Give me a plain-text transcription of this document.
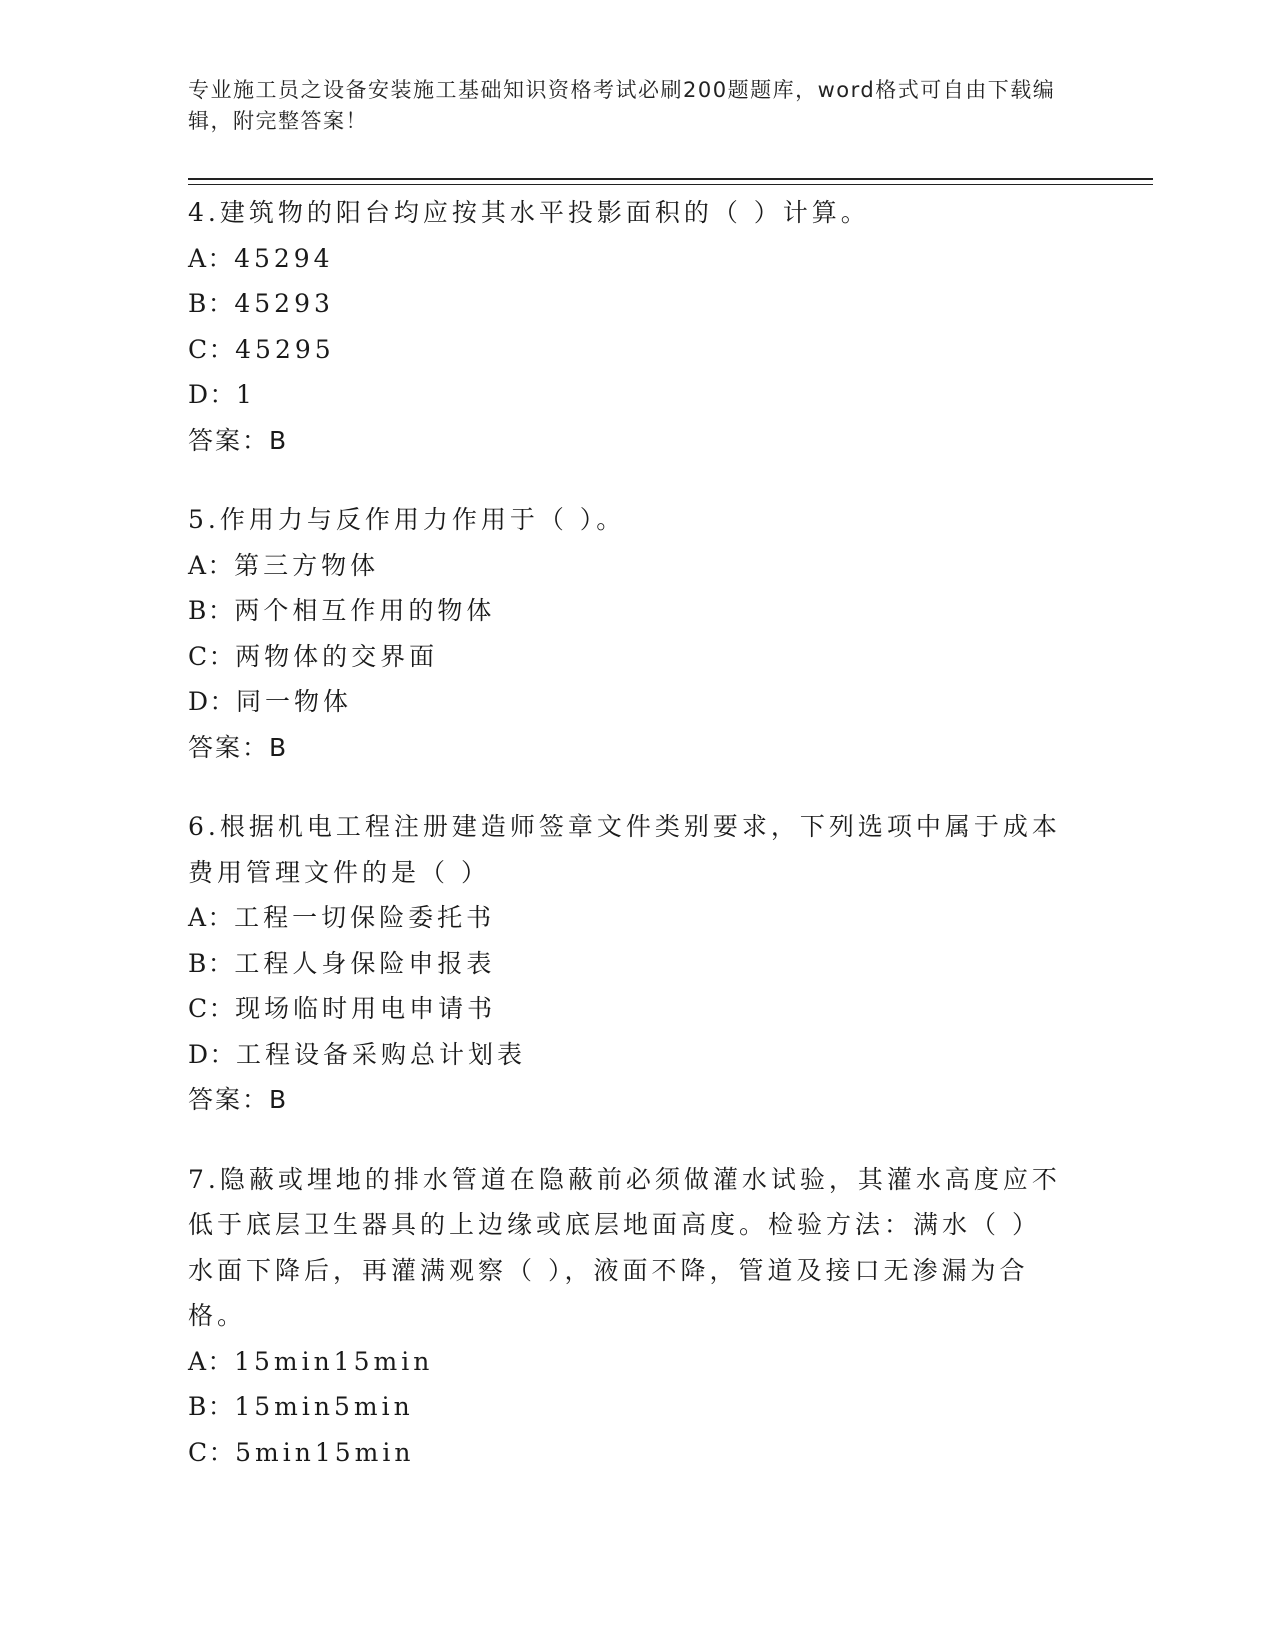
专业施工员之设备安装施工基础知识资格考试必刷200题题库，word格式可自由下载编辑，附完整答案！

4.建筑物的阳台均应按其水平投影面积的（ ）计算。

A：45294

B：45293

C：45295

D：1

答案：B

5.作用力与反作用力作用于（ ）。

A：第三方物体

B：两个相互作用的物体

C：两物体的交界面

D：同一物体

答案：B

6.根据机电工程注册建造师签章文件类别要求，下列选项中属于成本费用管理文件的是（ ）

A：工程一切保险委托书

B：工程人身保险申报表

C：现场临时用电申请书

D：工程设备采购总计划表

答案：B

7.隐蔽或埋地的排水管道在隐蔽前必须做灌水试验，其灌水高度应不低于底层卫生器具的上边缘或底层地面高度。检验方法：满水（ ）水面下降后，再灌满观察（ ），液面不降，管道及接口无渗漏为合格。

A：15min15min

B：15min5min

C：5min15min
